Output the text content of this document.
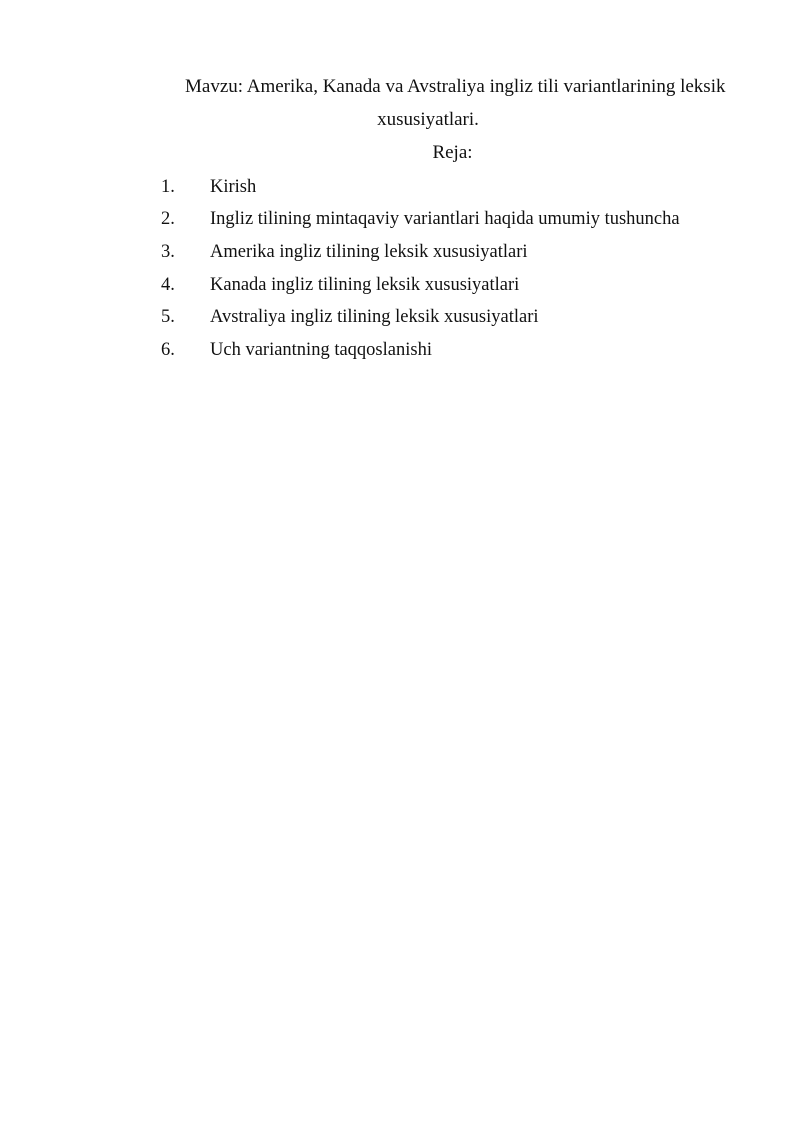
Mavzu: Amerika, Kanada va Avstraliya ingliz tili variantlarining leksik
xususiyatlari.
Reja:
1.	Kirish
2.	Ingliz tilining mintaqaviy variantlari haqida umumiy tushuncha
3.	Amerika ingliz tilining leksik xususiyatlari
4.	Kanada ingliz tilining leksik xususiyatlari
5.	Avstraliya ingliz tilining leksik xususiyatlari
6.	Uch variantning taqqoslanishi
